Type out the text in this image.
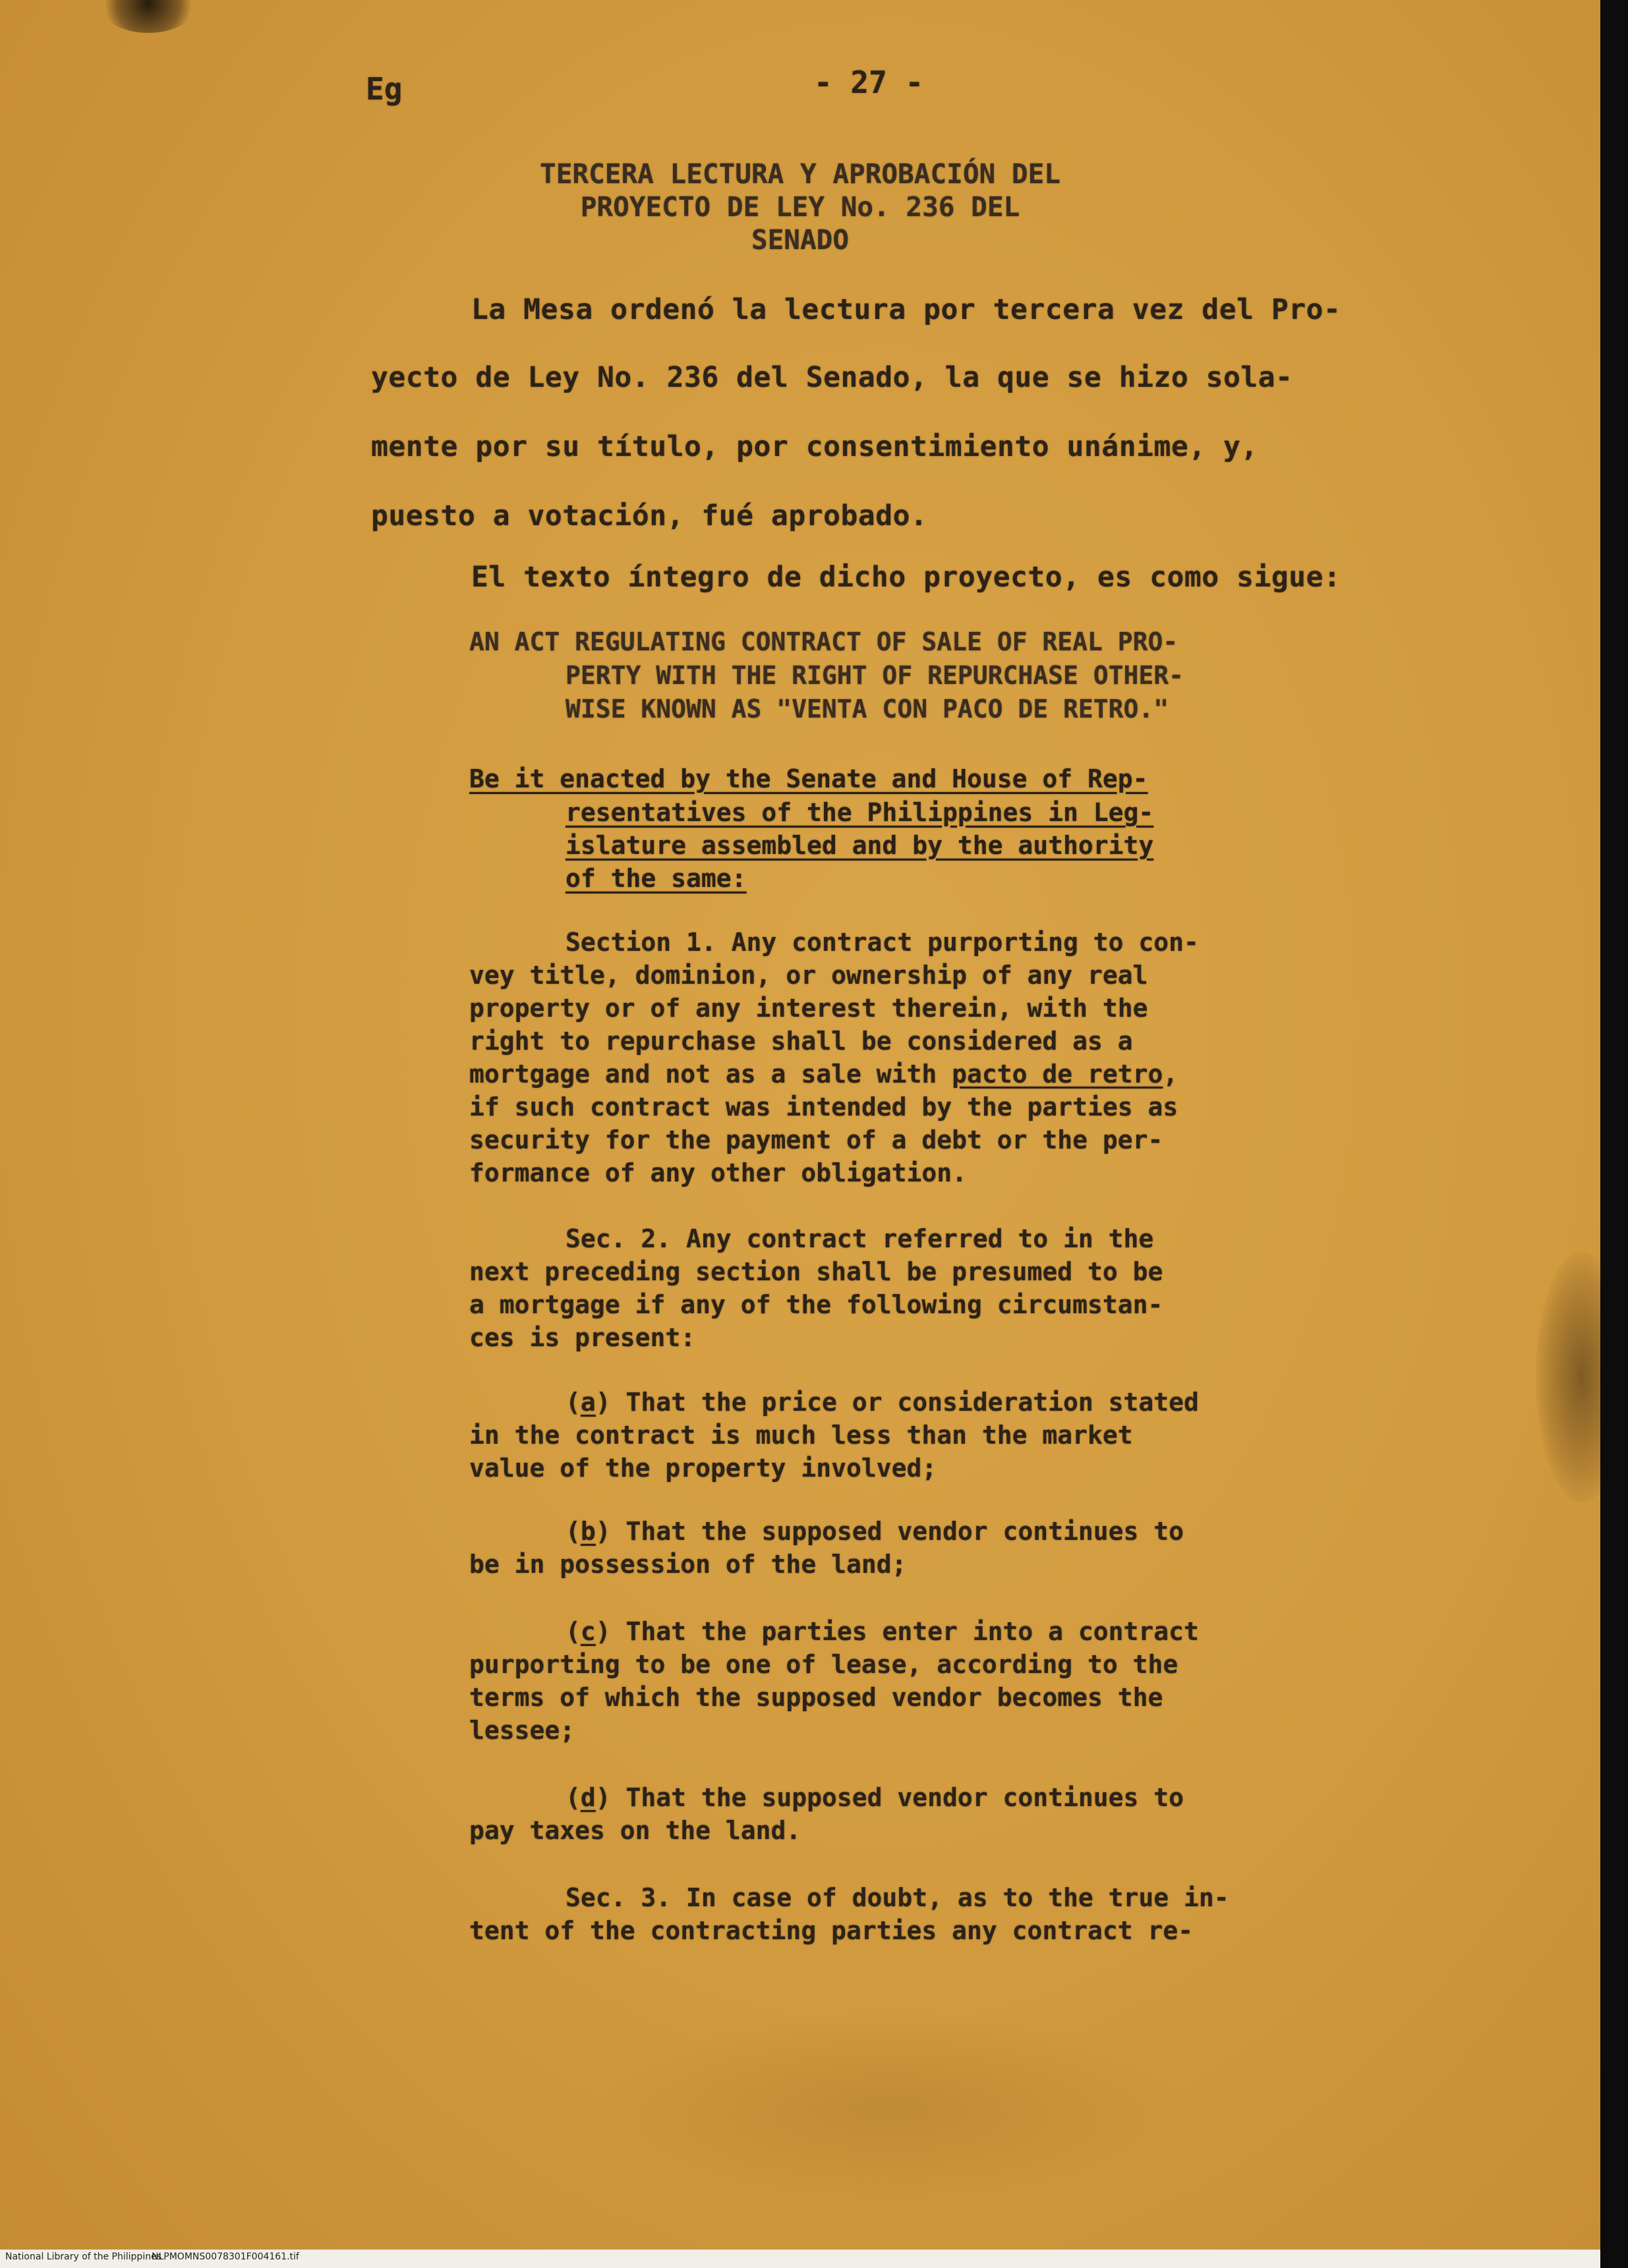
Eg	- 27 -

TERCERA LECTURA Y APROBACIÓN DEL

PROYECTO DE LEY No. 236 DEL

SENADO

La Mesa ordenó la lectura por tercera vez del Pro-

yecto de Ley No. 236 del Senado, la que se hizo sola-

mente por su título, por consentimiento unánime, y,

puesto a votación, fué aprobado.

El texto íntegro de dicho proyecto, es como sigue:

AN ACT REGULATING CONTRACT OF SALE OF REAL PRO-

PERTY WITH THE RIGHT OF REPURCHASE OTHER-

WISE KNOWN AS "VENTA CON PACO DE RETRO."

Be it enacted by the Senate and House of Rep-

resentatives of the Philippines in Leg-

islature assembled and by the authority

of the same:

Section 1. Any contract purporting to con-

vey title, dominion, or ownership of any real

property or of any interest therein, with the

right to repurchase shall be considered as a

mortgage and not as a sale with pacto de retro,

if such contract was intended by the parties as

security for the payment of a debt or the per-

formance of any other obligation.

Sec. 2. Any contract referred to in the

next preceding section shall be presumed to be

a mortgage if any of the following circumstan-

ces is present:

(a) That the price or consideration stated

in the contract is much less than the market

value of the property involved;

(b) That the supposed vendor continues to

be in possession of the land;

(c) That the parties enter into a contract

purporting to be one of lease, according to the

terms of which the supposed vendor becomes the

lessee;

(d) That the supposed vendor continues to

pay taxes on the land.

Sec. 3. In case of doubt, as to the true in-

tent of the contracting parties any contract re-

National Library of the Philippines
NLPMOMNS0078301F004161.tif
